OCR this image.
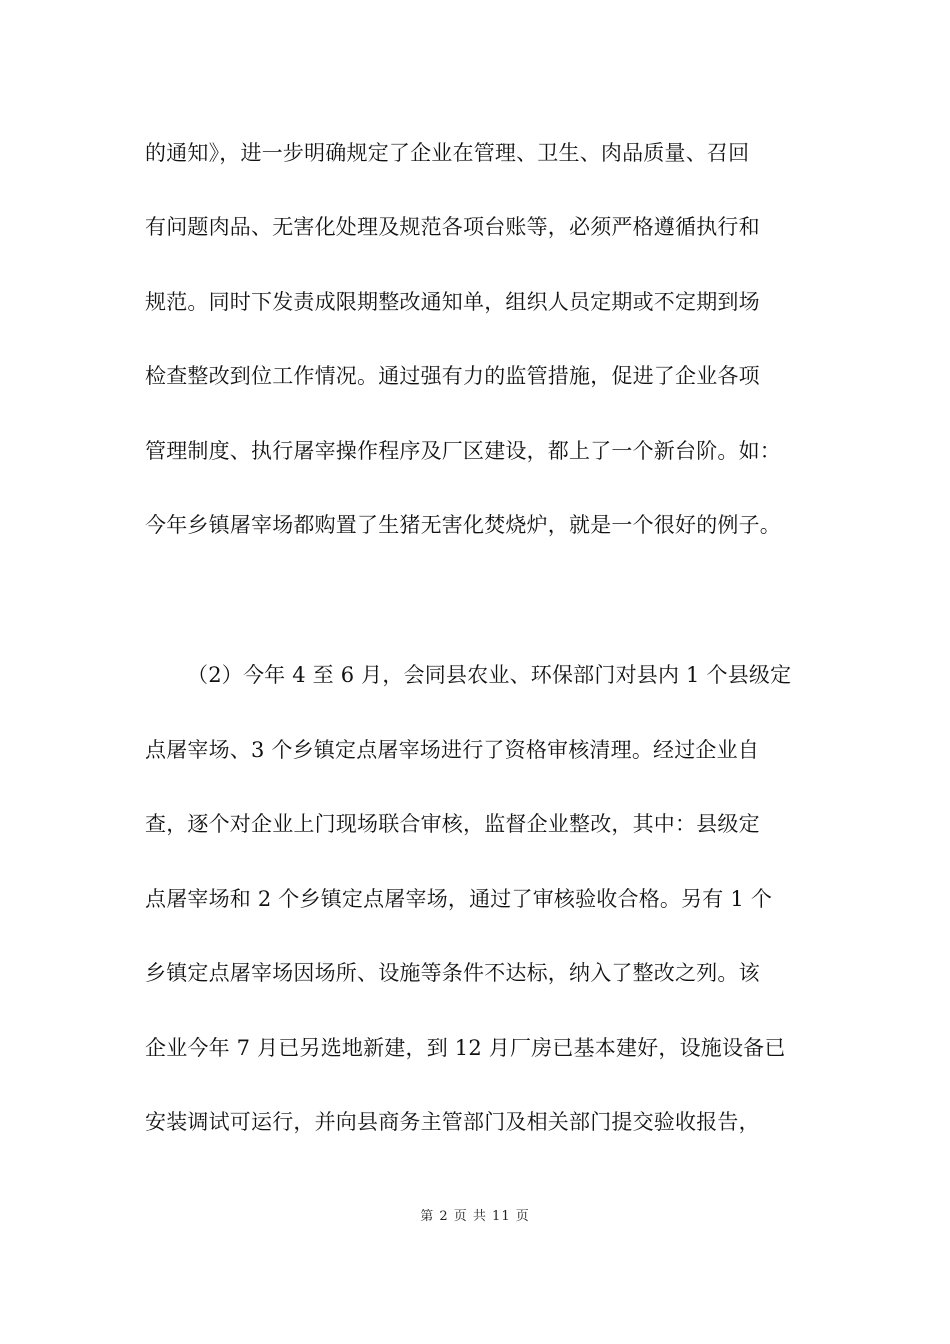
的通知》，进一步明确规定了企业在管理、卫生、肉品质量、召回
有问题肉品、无害化处理及规范各项台账等，必须严格遵循执行和
规范。同时下发责成限期整改通知单，组织人员定期或不定期到场
检查整改到位工作情况。通过强有力的监管措施，促进了企业各项
管理制度、执行屠宰操作程序及厂区建设，都上了一个新台阶。如：
今年乡镇屠宰场都购置了生猪无害化焚烧炉，就是一个很好的例子。
（2）今年 4 至 6 月，会同县农业、环保部门对县内 1 个县级定
点屠宰场、3 个乡镇定点屠宰场进行了资格审核清理。经过企业自
查，逐个对企业上门现场联合审核，监督企业整改，其中：县级定
点屠宰场和 2 个乡镇定点屠宰场，通过了审核验收合格。另有 1 个
乡镇定点屠宰场因场所、设施等条件不达标，纳入了整改之列。该
企业今年 7 月已另选地新建，到 12 月厂房已基本建好，设施设备已
安装调试可运行，并向县商务主管部门及相关部门提交验收报告，
第 2 页 共 11 页
